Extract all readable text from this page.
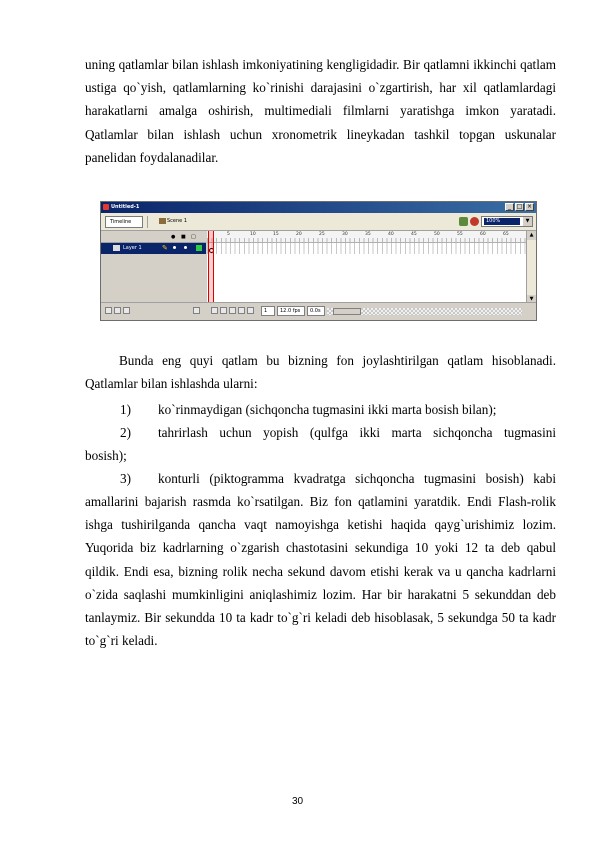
uning qatlamlar bilan ishlash imkoniyatining kengligidadir. Bir qatlamni ikkinchi qatlam ustiga qo`yish, qatlamlarning ko`rinishi darajasini o`zgartirish, har xil qatlamlardagi harakatlarni amalga oshirish, multimediali filmlarni yaratishga imkon yaratadi. Qatlamlar bilan ishlash uchun xronometrik lineykadan tashkil topgan uskunalar panelidan foydalanadilar.

Untitled-1	_ □ ×
Timeline	Scene 1	100%	▼
● ■ □
Layer 1	✎
5	10	15	20	25	30	35	40	45	50	55	60	65	▲
▼
1	12.0 fps	0.0s

Bunda eng quyi qatlam bu bizning fon joylashtirilgan qatlam hisoblanadi. Qatlamlar bilan ishlashda ularni:

1) ko`rinmaydigan (sichqoncha tugmasini ikki marta bosish bilan);
2) tahrirlash uchun yopish (qulfga ikki marta sichqoncha tugmasini

bosish);

3) konturli (piktogramma kvadratga sichqoncha tugmasini bosish) kabi

amallarini bajarish rasmda ko`rsatilgan. Biz fon qatlamini yaratdik. Endi Flash-rolik ishga tushirilganda qancha vaqt namoyishga ketishi haqida qayg`urishimiz lozim. Yuqorida biz kadrlarning o`zgarish chastotasini sekundiga 10 yoki 12 ta deb qabul qildik. Endi esa, bizning rolik necha sekund davom etishi kerak va u qancha kadrlarni o`zida saqlashi mumkinligini aniqlashimiz lozim. Har bir harakatni 5 sekunddan deb tanlaymiz. Bir sekundda 10 ta kadr to`g`ri keladi deb hisoblasak, 5 sekundga 50 ta kadr to`g`ri keladi.

30
